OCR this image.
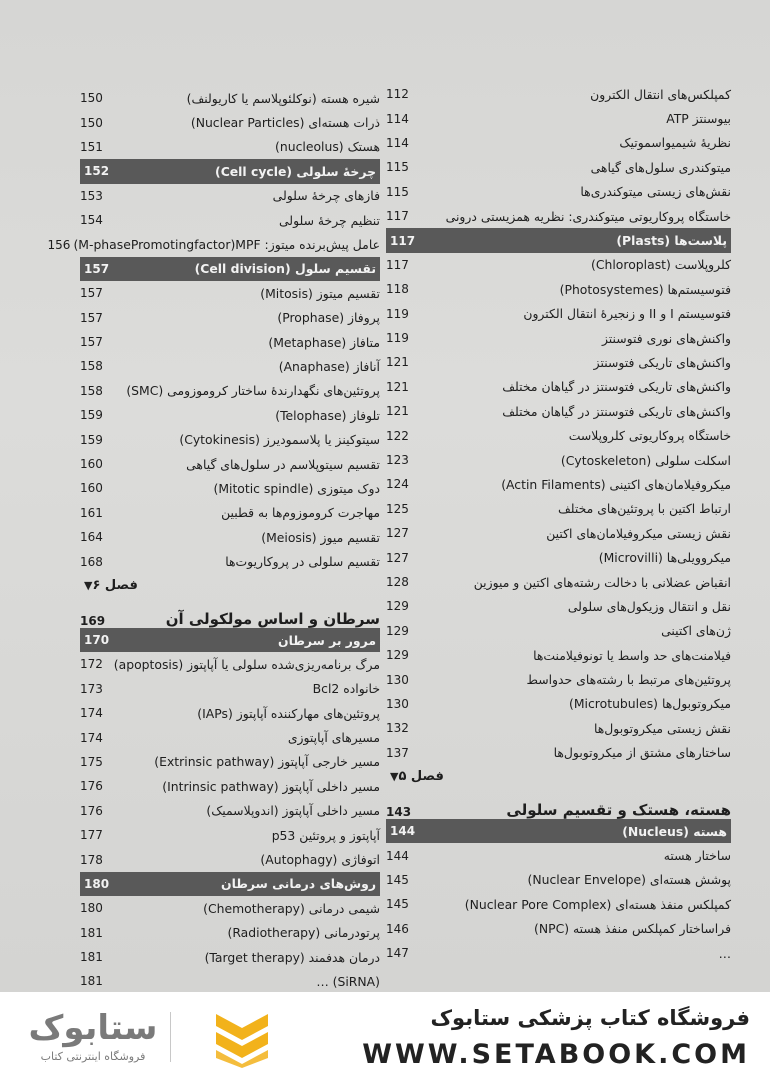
کمپلکس‌های انتقال الکترون
112
بیوسنتز ATP
114
نظریهٔ شیمیواسموتیک
114
میتوکندری سلول‌های گیاهی
115
نقش‌های زیستی میتوکندری‌ها
115
خاستگاه پروکاریوتی میتوکندری: نظریه همزیستی درونی
117
پلاست‌ها (Plasts)
117
کلروپلاست (Chloroplast)
117
فتوسیستم‌ها (Photosystemes)
118
فتوسیستم I و II و زنجیرهٔ انتقال الکترون
119
واکنش‌های نوری فتوسنتز
119
واکنش‌های تاریکی فتوسنتز
121
واکنش‌های تاریکی فتوسنتز در گیاهان مختلف
121
واکنش‌های تاریکی فتوسنتز در گیاهان مختلف
121
خاستگاه پروکاریوتی کلروپلاست
122
اسکلت سلولی (Cytoskeleton)
123
میکروفیلامان‌های اکتینی (Actin Filaments)
124
ارتباط اکتین با پروتئین‌های مختلف
125
نقش زیستی میکروفیلامان‌های اکتین
127
میکروویلی‌ها (Microvilli)
127
انقباض عضلانی با دخالت رشته‌های اکتین و میوزین
128
نقل و انتقال وزیکول‌های سلولی
129
ژن‌های اکتینی
129
فیلامنت‌های حد واسط یا تونوفیلامنت‌ها
129
پروتئین‌های مرتبط با رشته‌های حدواسط
130
میکروتوبول‌ها (Microtubules)
130
نقش زیستی میکروتوبول‌ها
132
ساختارهای مشتق از میکروتوبول‌ها
137
فصل ۵
▼
هسته، هستک و تقسیم سلولی
143
هسته (Nucleus)
144
ساختار هسته
144
پوشش هسته‌ای (Nuclear Envelope)
145
کمپلکس منفذ هسته‌ای (Nuclear Pore Complex)
145
فراساختار کمپلکس منفذ هسته (NPC)
146
…
147
شیره هسته (نوکلئوپلاسم یا کاریولنف)
150
ذرات هسته‌ای (Nuclear Particles)
150
هستک (nucleolus)
151
چرخهٔ سلولی (Cell cycle)
152
فازهای چرخهٔ سلولی
153
تنظیم چرخهٔ سلولی
154
عامل پیش‌برنده میتوز: M-phasePromotingfactor)MPF)
156
تقسیم سلول (Cell division)
157
تقسیم میتوز (Mitosis)
157
پروفاز (Prophase)
157
متافاز (Metaphase)
157
آنافاز (Anaphase)
158
پروتئین‌های نگهدارندهٔ ساختار کروموزومی (SMC)
158
تلوفاز (Telophase)
159
سیتوکینز یا پلاسمودیرز (Cytokinesis)
159
تقسیم سیتوپلاسم در سلول‌های گیاهی
160
دوک میتوزی (Mitotic spindle)
160
مهاجرت کروموزوم‌ها به قطبین
161
تقسیم میوز (Meiosis)
164
تقسیم سلولی در پروکاریوت‌ها
168
فصل ۶
▼
سرطان و اساس مولکولی آن
169
مرور بر سرطان
170
مرگ برنامه‌ریزی‌شده سلولی یا آپاپتوز (apoptosis)
172
خانواده Bcl2
173
پروتئین‌های مهارکننده آپاپتوز (IAPs)
174
مسیرهای آپاپتوزی
174
مسیر خارجی آپاپتوز (Extrinsic pathway)
175
مسیر داخلی آپاپتوز (Intrinsic pathway)
176
مسیر داخلی آپاپتوز (اندوپلاسمیک)
176
آپاپتوز و پروتئین p53
177
اتوفاژی (Autophagy)
178
روش‌های درمانی سرطان
180
شیمی درمانی (Chemotherapy)
180
پرتودرمانی (Radiotherapy)
181
درمان هدفمند (Target therapy)
181
… (SiRNA)
181
ستابوک
فروشگاه اینترنتی کتاب
فروشگاه کتاب پزشکی ستابوک
WWW.SETABOOK.COM
